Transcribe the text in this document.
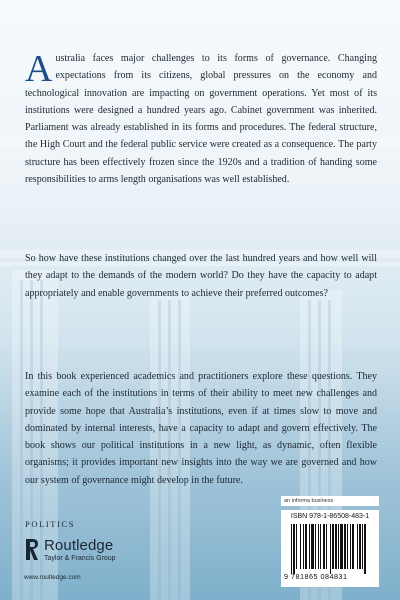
Australia faces major challenges to its forms of governance. Changing expectations from its citizens, global pressures on the economy and technological innovation are impacting on government operations. Yet most of its institutions were designed a hundred years ago. Cabinet government was inherited. Parliament was already established in its forms and procedures. The federal structure, the High Court and the federal public service were created as a consequence. The party structure has been effectively frozen since the 1920s and a tradition of handing some responsibilities to arms length organisations was well established.

So how have these institutions changed over the last hundred years and how well will they adapt to the demands of the modern world? Do they have the capacity to adapt appropriately and enable governments to achieve their preferred outcomes?

In this book experienced academics and practitioners explore these questions. They examine each of the institutions in terms of their ability to meet new challenges and provide some hope that Australia’s institutions, even if at times slow to move and dominated by internal interests, have a capacity to adapt and govern effectively. The book shows our political institutions in a new light, as dynamic, often flexible organisms; it provides important new insights into the way we are governed and how our system of governance might develop in the future.

POLITICS
Routledge
Taylor & Francis Group
www.routledge.com
an informa business
ISBN 978-1-86508-483-1
9 781865 084831
